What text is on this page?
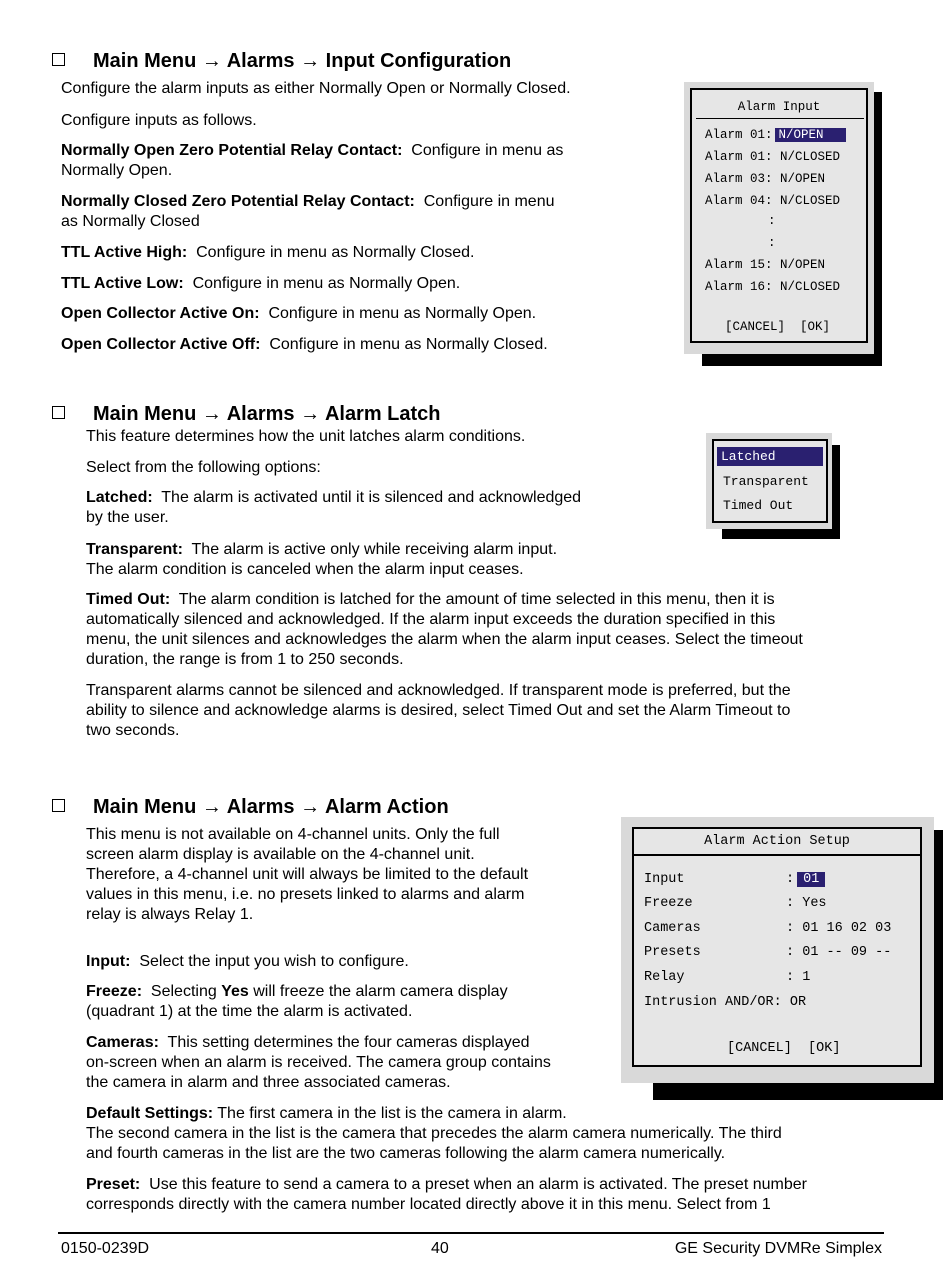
Main Menu → Alarms → Input Configuration
Configure the alarm inputs as either Normally Open or Normally Closed.
Configure inputs as follows.
Normally Open Zero Potential Relay Contact: Configure in menu as
Normally Open.
Normally Closed Zero Potential Relay Contact: Configure in menu
as Normally Closed
TTL Active High: Configure in menu as Normally Closed.
TTL Active Low: Configure in menu as Normally Open.
Open Collector Active On: Configure in menu as Normally Open.
Open Collector Active Off: Configure in menu as Normally Closed.
Alarm Input
Alarm 01: N/OPEN
Alarm 01: N/CLOSED
Alarm 03: N/OPEN
Alarm 04: N/CLOSED
:
:
Alarm 15: N/OPEN
Alarm 16: N/CLOSED
[CANCEL] [OK]
Main Menu → Alarms → Alarm Latch
This feature determines how the unit latches alarm conditions.
Select from the following options:
Latched: The alarm is activated until it is silenced and acknowledged
by the user.
Transparent: The alarm is active only while receiving alarm input.
The alarm condition is canceled when the alarm input ceases.
Timed Out: The alarm condition is latched for the amount of time selected in this menu, then it is
automatically silenced and acknowledged. If the alarm input exceeds the duration specified in this
menu, the unit silences and acknowledges the alarm when the alarm input ceases. Select the timeout
duration, the range is from 1 to 250 seconds.
Transparent alarms cannot be silenced and acknowledged. If transparent mode is preferred, but the
ability to silence and acknowledge alarms is desired, select Timed Out and set the Alarm Timeout to
two seconds.
Latched
Transparent
Timed Out
Main Menu → Alarms → Alarm Action
This menu is not available on 4-channel units. Only the full
screen alarm display is available on the 4-channel unit.
Therefore, a 4-channel unit will always be limited to the default
values in this menu, i.e. no presets linked to alarms and alarm
relay is always Relay 1.
Input: Select the input you wish to configure.
Freeze: Selecting Yes will freeze the alarm camera display
(quadrant 1) at the time the alarm is activated.
Cameras: This setting determines the four cameras displayed
on-screen when an alarm is received. The camera group contains
the camera in alarm and three associated cameras.
Default Settings: The first camera in the list is the camera in alarm.
The second camera in the list is the camera that precedes the alarm camera numerically. The third
and fourth cameras in the list are the two cameras following the alarm camera numerically.
Preset: Use this feature to send a camera to a preset when an alarm is activated. The preset number
corresponds directly with the camera number located directly above it in this menu. Select from 1
Alarm Action Setup
Input	: 01
Freeze	: Yes
Cameras	: 01 16 02 03
Presets	: 01 -- 09 --
Relay	: 1
Intrusion AND/OR: OR
[CANCEL] [OK]
0150-0239D	40	GE Security DVMRe Simplex
